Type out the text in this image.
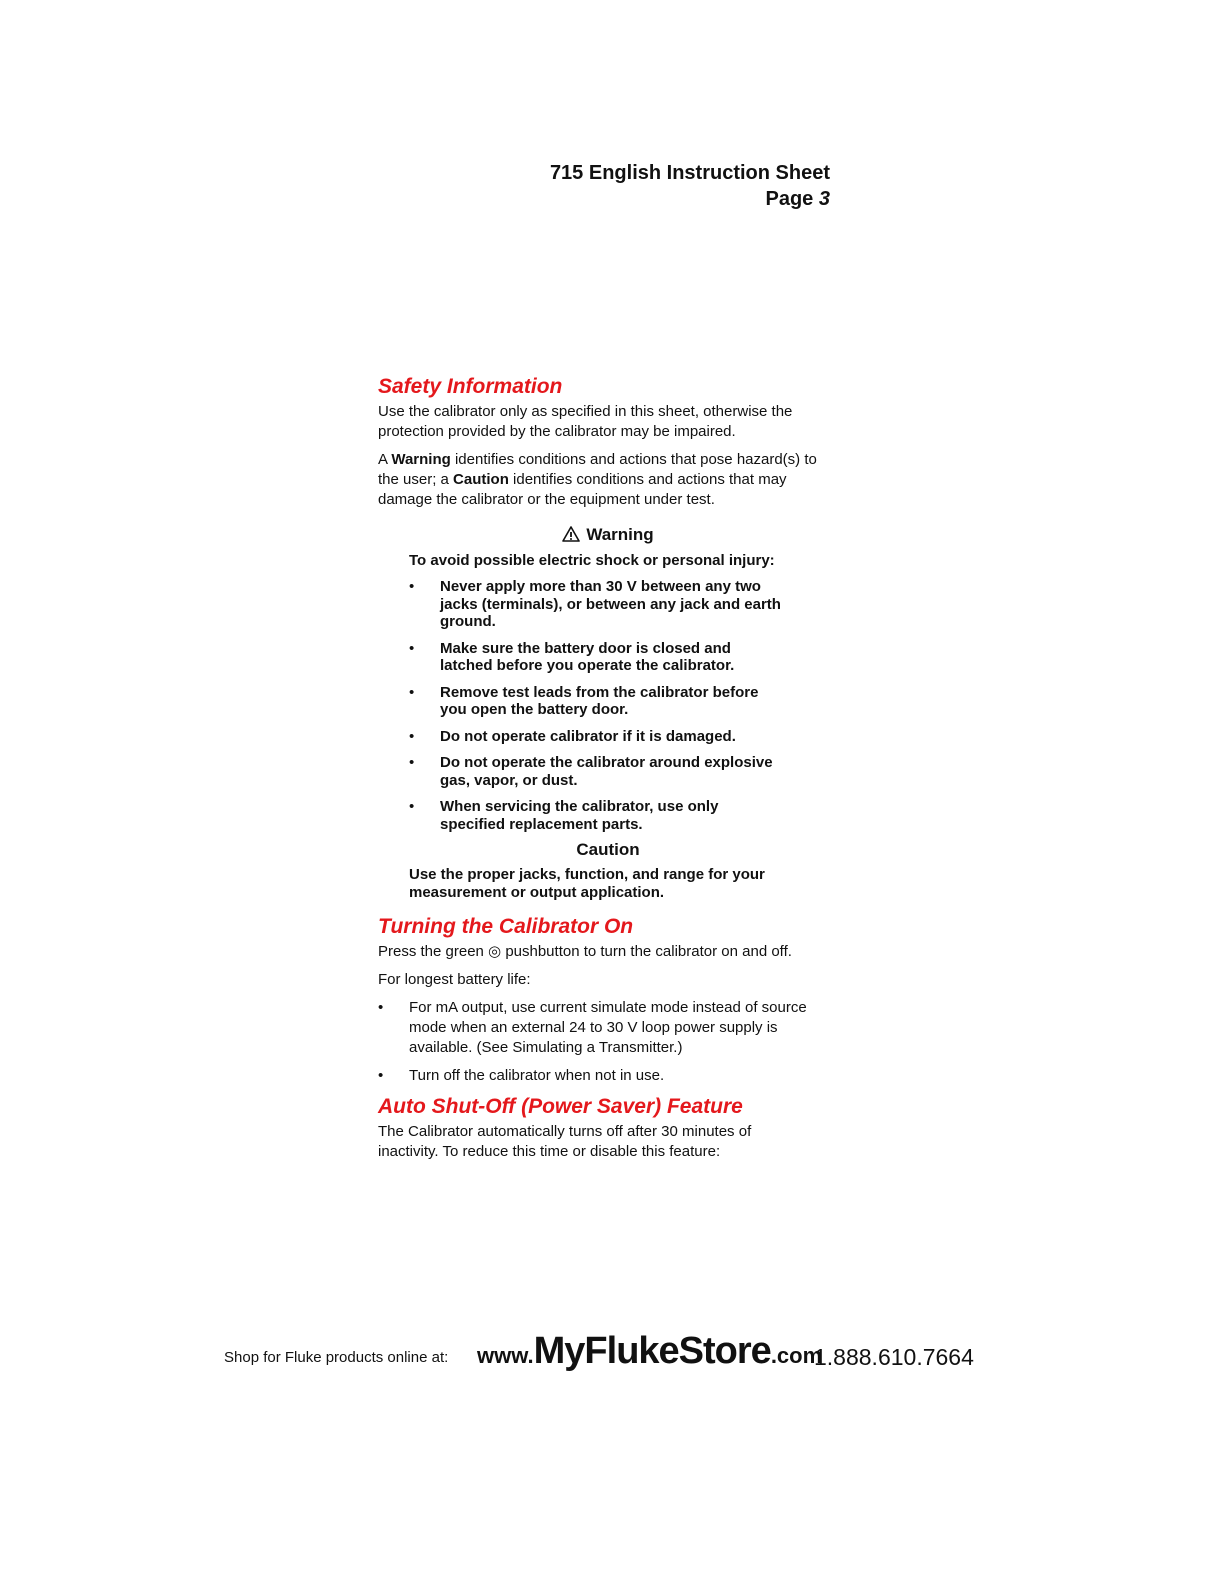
715 English Instruction Sheet
Page 3
Safety Information

Use the calibrator only as specified in this sheet, otherwise the protection provided by the calibrator may be impaired.

A Warning identifies conditions and actions that pose hazard(s) to the user; a Caution identifies conditions and actions that may damage the calibrator or the equipment under test.

Warning
To avoid possible electric shock or personal injury:
• Never apply more than 30 V between any two jacks (terminals), or between any jack and earth ground.
• Make sure the battery door is closed and latched before you operate the calibrator.
• Remove test leads from the calibrator before you open the battery door.
• Do not operate calibrator if it is damaged.
• Do not operate the calibrator around explosive gas, vapor, or dust.
• When servicing the calibrator, use only specified replacement parts.
Caution
Use the proper jacks, function, and range for your measurement or output application.
Turning the Calibrator On

Press the green ◎ pushbutton to turn the calibrator on and off.

For longest battery life:

• For mA output, use current simulate mode instead of source mode when an external 24 to 30 V loop power supply is available. (See Simulating a Transmitter.)
• Turn off the calibrator when not in use.
Auto Shut-Off (Power Saver) Feature

The Calibrator automatically turns off after 30 minutes of inactivity. To reduce this time or disable this feature:

Shop for Fluke products online at: www.MyFlukeStore.com
1.888.610.7664
